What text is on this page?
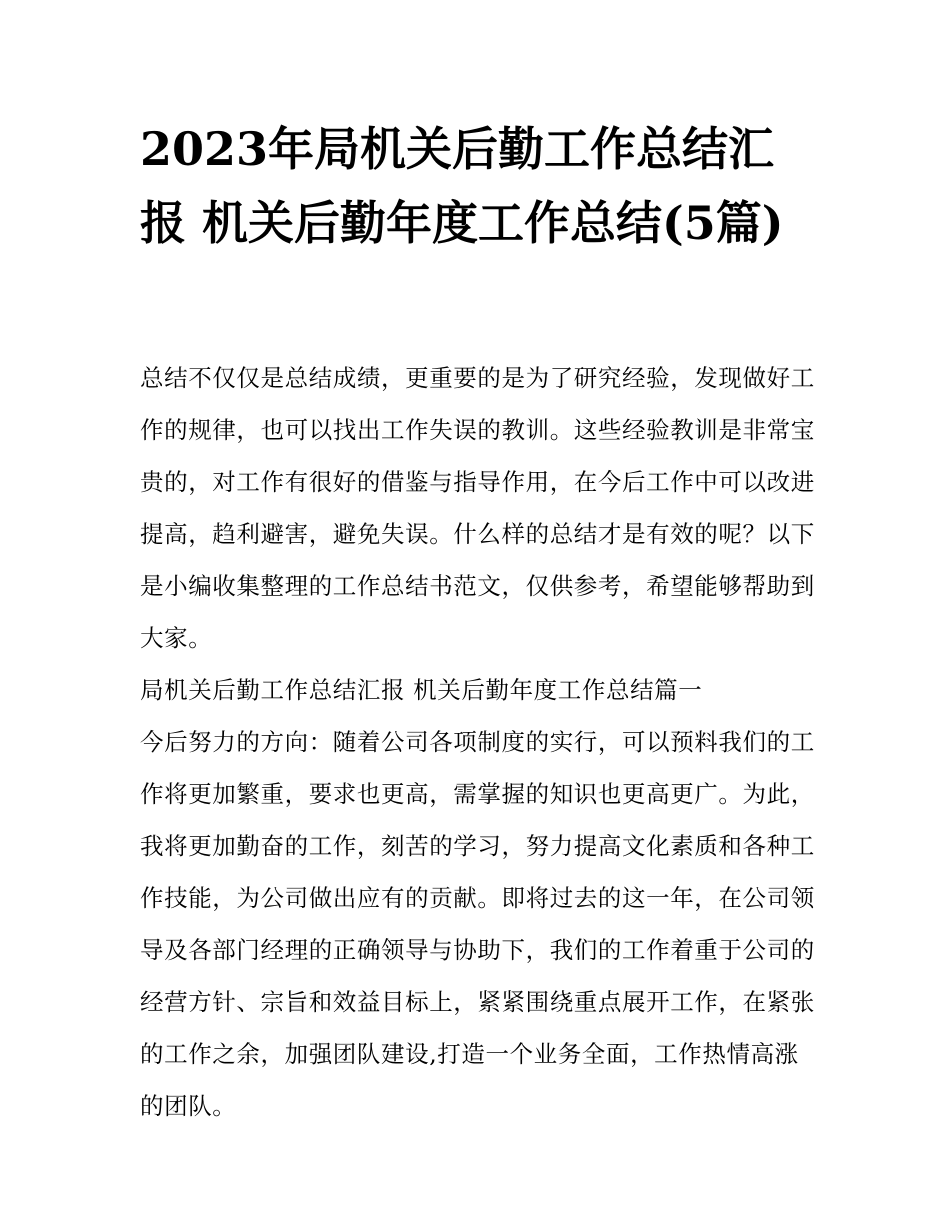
2023年局机关后勤工作总结汇报 机关后勤年度工作总结(5篇)

总结不仅仅是总结成绩，更重要的是为了研究经验，发现做好工作的规律，也可以找出工作失误的教训。这些经验教训是非常宝贵的，对工作有很好的借鉴与指导作用，在今后工作中可以改进提高，趋利避害，避免失误。什么样的总结才是有效的呢？以下是小编收集整理的工作总结书范文，仅供参考，希望能够帮助到大家。

局机关后勤工作总结汇报 机关后勤年度工作总结篇一

今后努力的方向：随着公司各项制度的实行，可以预料我们的工作将更加繁重，要求也更高，需掌握的知识也更高更广。为此，我将更加勤奋的工作，刻苦的学习，努力提高文化素质和各种工作技能，为公司做出应有的贡献。即将过去的这一年，在公司领导及各部门经理的正确领导与协助下，我们的工作着重于公司的经营方针、宗旨和效益目标上，紧紧围绕重点展开工作，在紧张的工作之余，加强团队建设,打造一个业务全面，工作热情高涨的团队。
